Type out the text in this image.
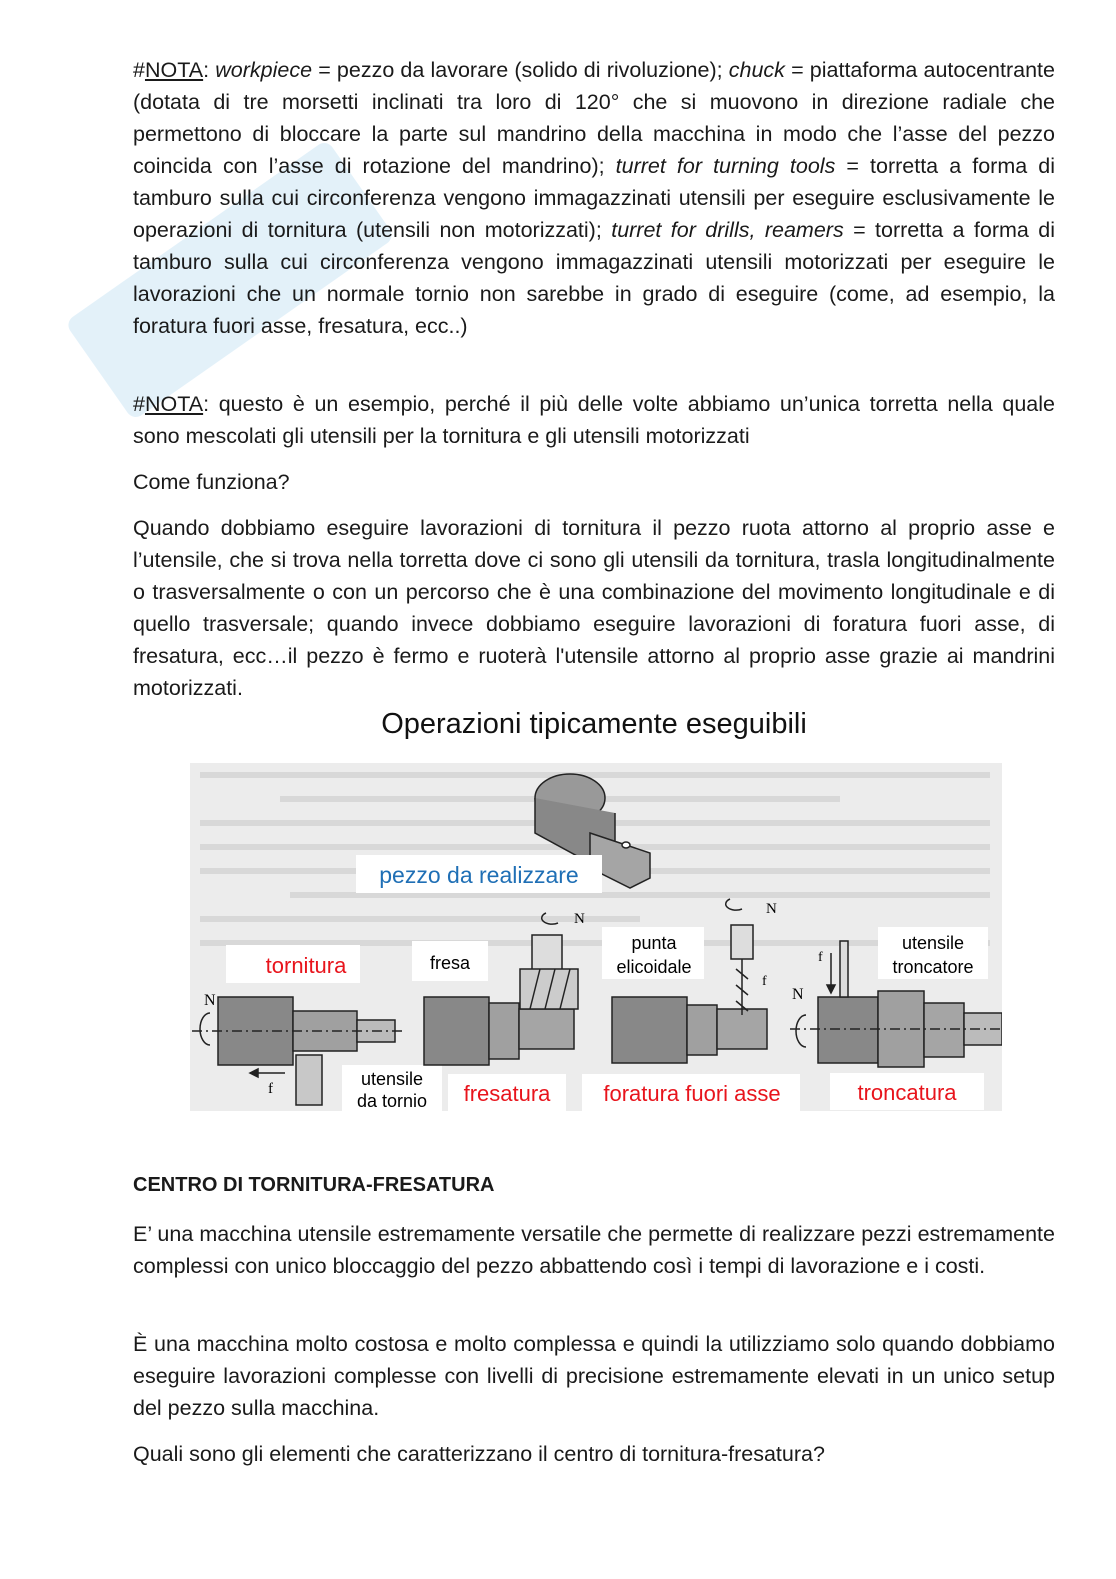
#NOTA: workpiece = pezzo da lavorare (solido di rivoluzione); chuck = piattaforma autocentrante (dotata di tre morsetti inclinati tra loro di 120° che si muovono in direzione radiale che permettono di bloccare la parte sul mandrino della macchina in modo che l’asse del pezzo coincida con l’asse di rotazione del mandrino); turret for turning tools = torretta a forma di tamburo sulla cui circonferenza vengono immagazzinati utensili per eseguire esclusivamente le operazioni di tornitura (utensili non motorizzati); turret for drills, reamers = torretta a forma di tamburo sulla cui circonferenza vengono immagazzinati utensili motorizzati per eseguire le lavorazioni che un normale tornio non sarebbe in grado di eseguire (come, ad esempio, la foratura fuori asse, fresatura, ecc..)

#NOTA: questo è un esempio, perché il più delle volte abbiamo un’unica torretta nella quale sono mescolati gli utensili per la tornitura e gli utensili motorizzati

Come funziona?
Quando dobbiamo eseguire lavorazioni di tornitura il pezzo ruota attorno al proprio asse e l’utensile, che si trova nella torretta dove ci sono gli utensili da tornitura, trasla longitudinalmente o trasversalmente o con un percorso che è una combinazione del movimento longitudinale e di quello trasversale; quando invece dobbiamo eseguire lavorazioni di foratura fuori asse, di fresatura, ecc…il pezzo è fermo e ruoterà l'utensile attorno al proprio asse grazie ai mandrini motorizzati.
Operazioni tipicamente eseguibili
pezzo da realizzare
tornitura
N
f	utensile
da tornio
fresa
N
fresatura
punta
elicoidale
N
f
foratura fuori asse
utensile
troncatore
f
N
troncatura
CENTRO DI TORNITURA-FRESATURA
E’ una macchina utensile estremamente versatile che permette di realizzare pezzi estremamente complessi con unico bloccaggio del pezzo abbattendo così i tempi di lavorazione e i costi.
È una macchina molto costosa e molto complessa e quindi la utilizziamo solo quando dobbiamo eseguire lavorazioni complesse con livelli di precisione estremamente elevati in un unico setup del pezzo sulla macchina.
Quali sono gli elementi che caratterizzano il centro di tornitura-fresatura?
